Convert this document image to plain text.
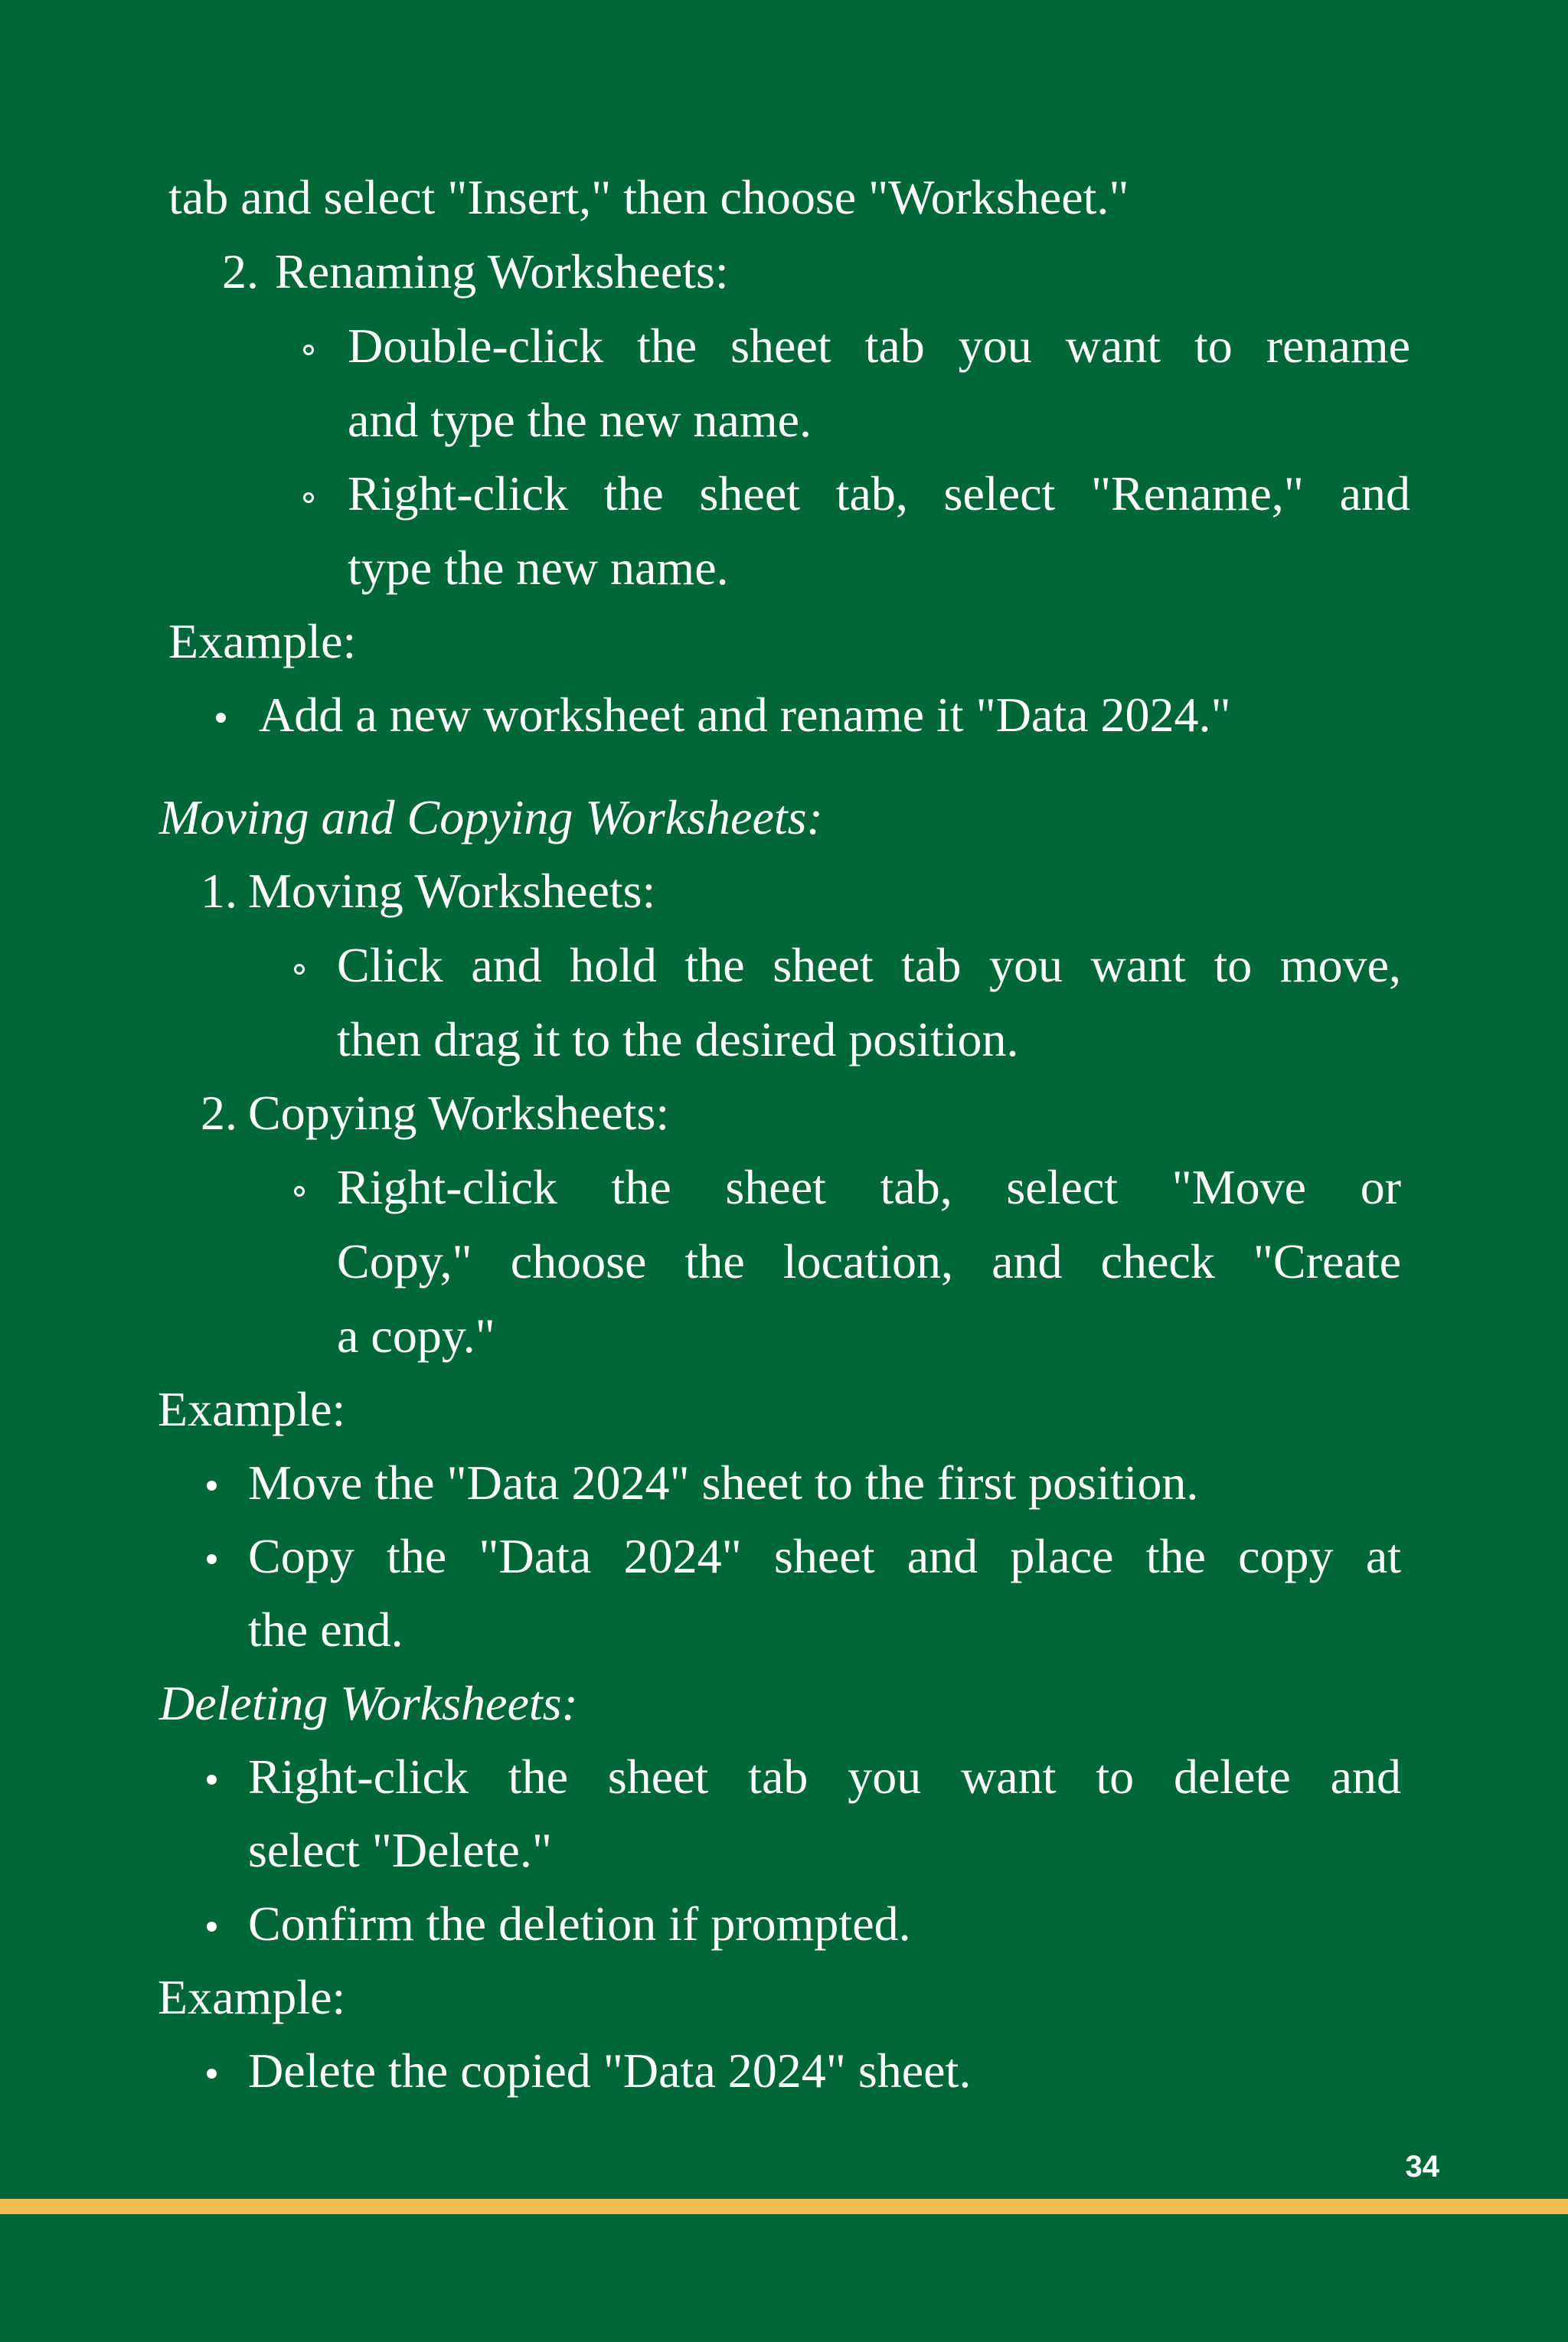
tab and select "Insert," then choose "Worksheet."
2. Renaming Worksheets:
Double-click the sheet tab you want to rename
and type the new name.
Right-click the sheet tab, select "Rename," and
type the new name.
Example:
Add a new worksheet and rename it "Data 2024."
Moving and Copying Worksheets:
1. Moving Worksheets:
Click and hold the sheet tab you want to move,
then drag it to the desired position.
2. Copying Worksheets:
Right-click the sheet tab, select "Move or
Copy," choose the location, and check "Create
a copy."
Example:
Move the "Data 2024" sheet to the first position.
Copy the "Data 2024" sheet and place the copy at
the end.
Deleting Worksheets:
Right-click the sheet tab you want to delete and
select "Delete."
Confirm the deletion if prompted.
Example:
Delete the copied "Data 2024" sheet.
34
